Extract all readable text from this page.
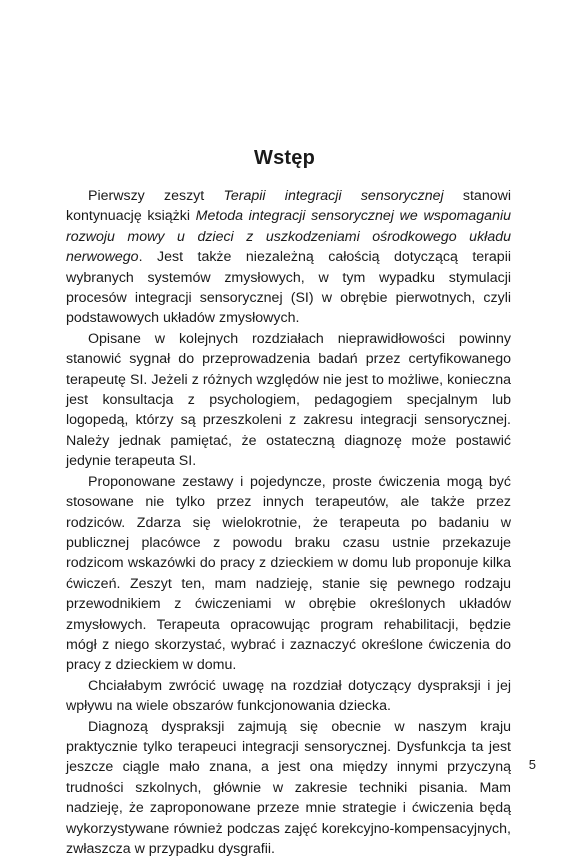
Wstęp

Pierwszy zeszyt Terapii integracji sensorycznej stanowi kontynuację książki Metoda integracji sensorycznej we wspomaganiu rozwoju mowy u dzieci z uszkodzeniami ośrodkowego układu nerwowego. Jest także niezależną całością dotyczącą terapii wybranych systemów zmysłowych, w tym wypadku stymulacji procesów integracji sensorycznej (SI) w obrębie pierwotnych, czyli podstawowych układów zmysłowych.

Opisane w kolejnych rozdziałach nieprawidłowości powinny stanowić sygnał do przeprowadzenia badań przez certyfikowanego terapeutę SI. Jeżeli z różnych względów nie jest to możliwe, konieczna jest konsultacja z psychologiem, pedagogiem specjalnym lub logopedą, którzy są przeszkoleni z zakresu integracji sensorycznej. Należy jednak pamiętać, że ostateczną diagnozę może postawić jedynie terapeuta SI.

Proponowane zestawy i pojedyncze, proste ćwiczenia mogą być stosowane nie tylko przez innych terapeutów, ale także przez rodziców. Zdarza się wielokrotnie, że terapeuta po badaniu w publicznej placówce z powodu braku czasu ustnie przekazuje rodzicom wskazówki do pracy z dzieckiem w domu lub proponuje kilka ćwiczeń. Zeszyt ten, mam nadzieję, stanie się pewnego rodzaju przewodnikiem z ćwiczeniami w obrębie określonych układów zmysłowych. Terapeuta opracowując program rehabilitacji, będzie mógł z niego skorzystać, wybrać i zaznaczyć określone ćwiczenia do pracy z dzieckiem w domu.

Chciałabym zwrócić uwagę na rozdział dotyczący dyspraksji i jej wpływu na wiele obszarów funkcjonowania dziecka.

Diagnozą dyspraksji zajmują się obecnie w naszym kraju praktycznie tylko terapeuci integracji sensorycznej. Dysfunkcja ta jest jeszcze ciągle mało znana, a jest ona między innymi przyczyną trudności szkolnych, głównie w zakresie techniki pisania. Mam nadzieję, że zaproponowane przeze mnie strategie i ćwiczenia będą wykorzystywane również podczas zajęć korekcyjno-kompensacyjnych, zwłaszcza w przypadku dysgrafii.

5
